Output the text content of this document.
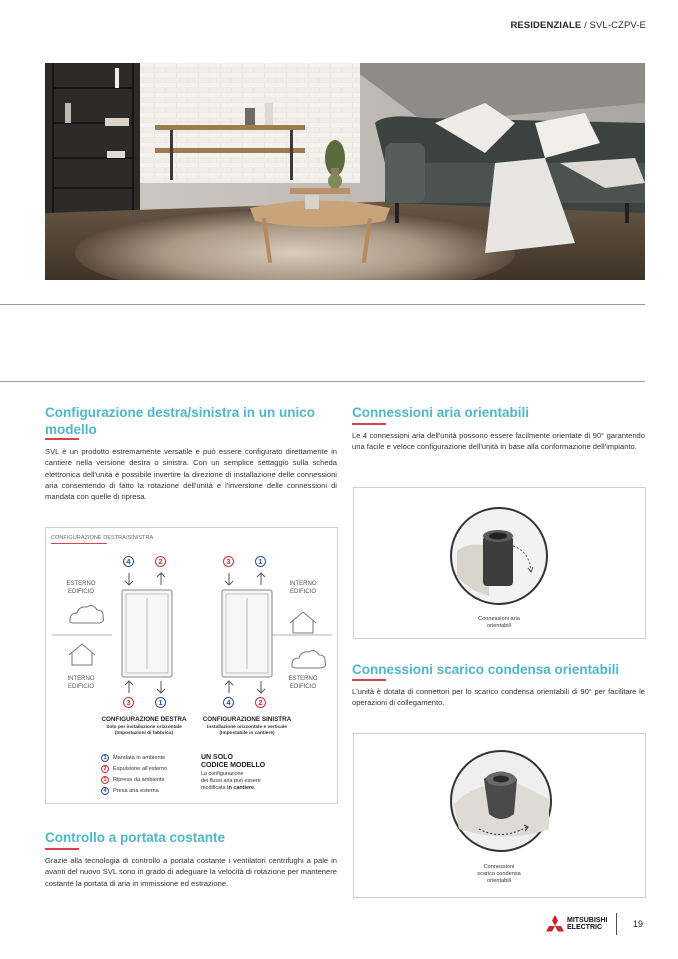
RESIDENZIALE / SVL-CZPV-E
Configurazione destra/sinistra in un unico modello
SVL è un prodotto estremamente versatile e può essere configurato direttamente in cantiere nella versione destra o sinistra. Con un semplice settaggio sulla scheda elettronica dell'unità è possibile invertire la direzione di installazione delle connessioni aria consentendo di fatto la rotazione dell'unità e l'inversione delle connessioni di mandata con quelle di ripresa.
CONFIGURAZIONE DESTRA/SINISTRA
4	2	3	1
ESTERNO
EDIFICIO
INTERNO
EDIFICIO
INTERNO
EDIFICIO
ESTERNO
EDIFICIO
3	1	4	2
CONFIGURAZIONE DESTRA
Solo per installazione orizzontale
(Impostazioni di fabbrica)
CONFIGURAZIONE SINISTRA
Installazione orizzontale e verticale
(Impostabile in cantiere)
1	Mandata in ambiente
2	Espulsione all'esterno
3	Ripresa da ambiente
4	Presa aria esterna
UN SOLO
CODICE MODELLO
La configurazione
dei flussi aria può essere
modificata in cantiere.
Controllo a portata costante
Grazie alla tecnologia di controllo a portata costante i ventilatori centrifughi a pale in avanti del nuovo SVL sono in grado di adeguare la velocità di rotazione per mantenere costante la portata di aria in immissione ed estrazione.
Connessioni aria orientabili
Le 4 connessioni aria dell'unità possono essere facilmente orientate di 90° garantendo una facile e veloce configurazione dell'unità in base alla conformazione dell'impianto.
Connessioni aria
orientabili
Connessioni scarico condensa orientabili
L'unità è dotata di connettori per lo scarico condensa orientabili di 90° per facilitare le operazioni di collegamento.
Connessioni
scarico condensa
orientabili
MITSUBISHI
ELECTRIC	19
